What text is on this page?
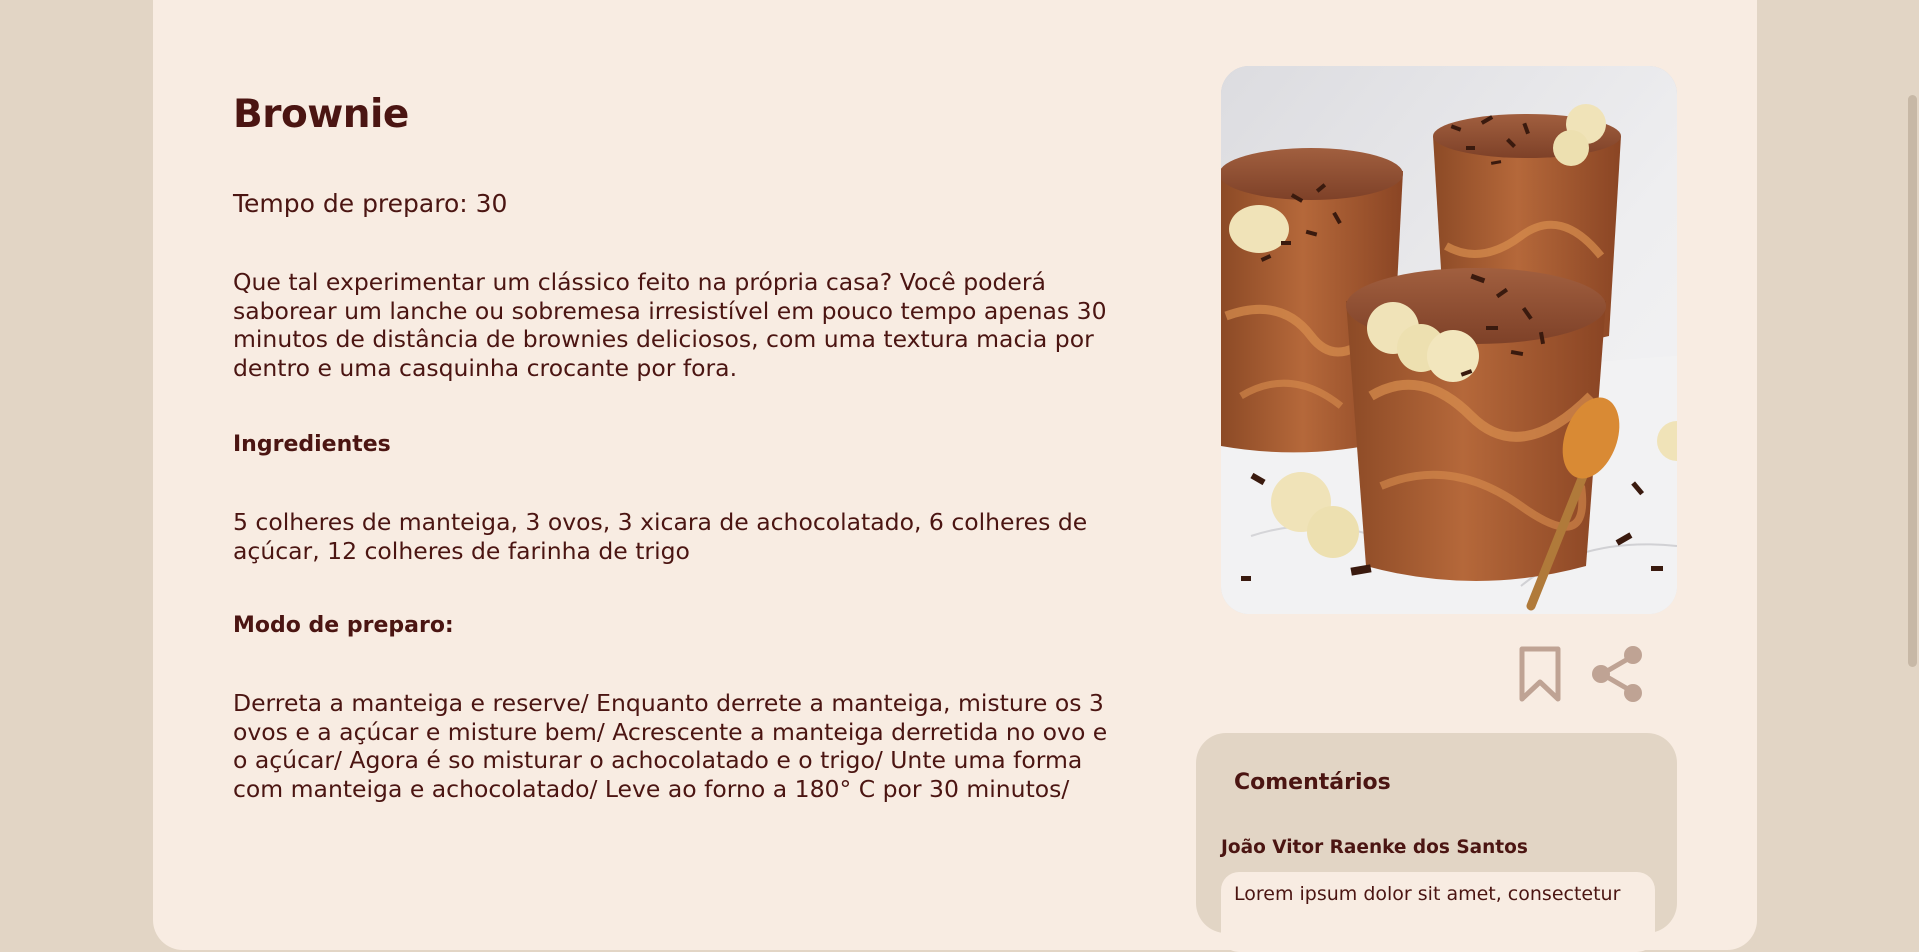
Brownie

Tempo de preparo: 30

Que tal experimentar um clássico feito na própria casa? Você poderá saborear um lanche ou sobremesa irresistível em pouco tempo apenas 30 minutos de distância de brownies deliciosos, com uma textura macia por dentro e uma casquinha crocante por fora.

Ingredientes

5 colheres de manteiga, 3 ovos, 3 xicara de achocolatado, 6 colheres de açúcar, 12 colheres de farinha de trigo

Modo de preparo:

Derreta a manteiga e reserve/ Enquanto derrete a manteiga, misture os 3 ovos e a açúcar e misture bem/ Acrescente a manteiga derretida no ovo e o açúcar/ Agora é so misturar o achocolatado e o trigo/ Unte uma forma com manteiga e achocolatado/ Leve ao forno a 180° C por 30 minutos/	Comentários

João Vitor Raenke dos Santos

Lorem ipsum dolor sit amet, consectetur
